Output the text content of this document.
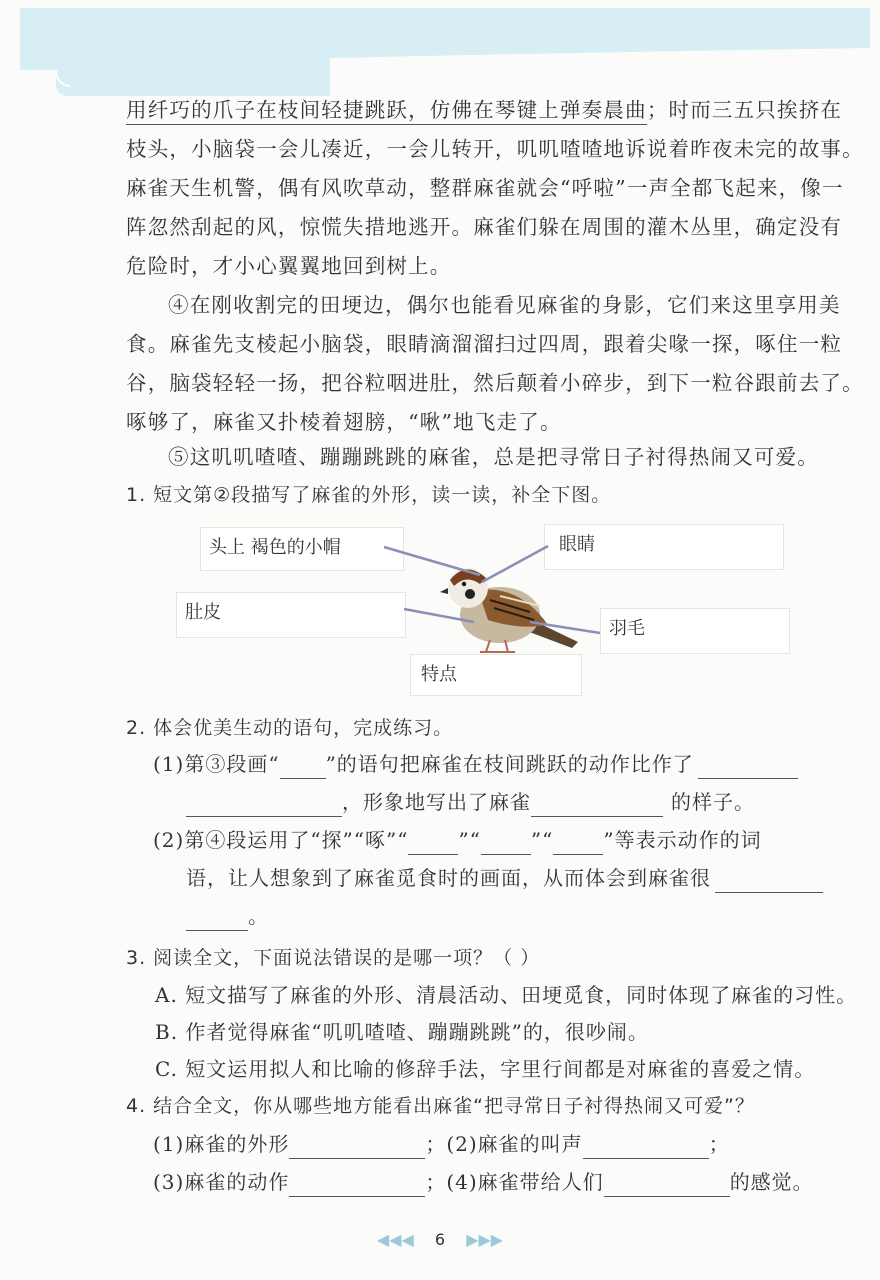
用纤巧的爪子在枝间轻捷跳跃，仿佛在琴键上弹奏晨曲；时而三五只挨挤在
枝头，小脑袋一会儿凑近，一会儿转开，叽叽喳喳地诉说着昨夜未完的故事。
麻雀天生机警，偶有风吹草动，整群麻雀就会“呼啦”一声全都飞起来，像一
阵忽然刮起的风，惊慌失措地逃开。麻雀们躲在周围的灌木丛里，确定没有
危险时，才小心翼翼地回到树上。
④在刚收割完的田埂边，偶尔也能看见麻雀的身影，它们来这里享用美
食。麻雀先支棱起小脑袋，眼睛滴溜溜扫过四周，跟着尖喙一探，啄住一粒
谷，脑袋轻轻一扬，把谷粒咽进肚，然后颠着小碎步，到下一粒谷跟前去了。
啄够了，麻雀又扑棱着翅膀，“啾”地飞走了。
⑤这叽叽喳喳、蹦蹦跳跳的麻雀，总是把寻常日子衬得热闹又可爱。
1. 短文第②段描写了麻雀的外形，读一读，补全下图。
头上 褐色的小帽	眼睛
肚皮
羽毛
特点
2. 体会优美生动的语句，完成练习。
(1)第③段画“ ”的语句把麻雀在枝间跳跃的动作比作了
，形象地写出了麻雀	的样子。
(2)第④段运用了“探”“啄”“	”“	”“	”等表示动作的词
语，让人想象到了麻雀觅食时的画面，从而体会到麻雀很
。
3. 阅读全文，下面说法错误的是哪一项？（ ）
A. 短文描写了麻雀的外形、清晨活动、田埂觅食，同时体现了麻雀的习性。
B. 作者觉得麻雀“叽叽喳喳、蹦蹦跳跳”的，很吵闹。
C. 短文运用拟人和比喻的修辞手法，字里行间都是对麻雀的喜爱之情。
4. 结合全文，你从哪些地方能看出麻雀“把寻常日子衬得热闹又可爱”？
(1)麻雀的外形	；(2)麻雀的叫声	；
(3)麻雀的动作	；(4)麻雀带给人们	的感觉。
◀◀◀ 6 ▶▶▶
